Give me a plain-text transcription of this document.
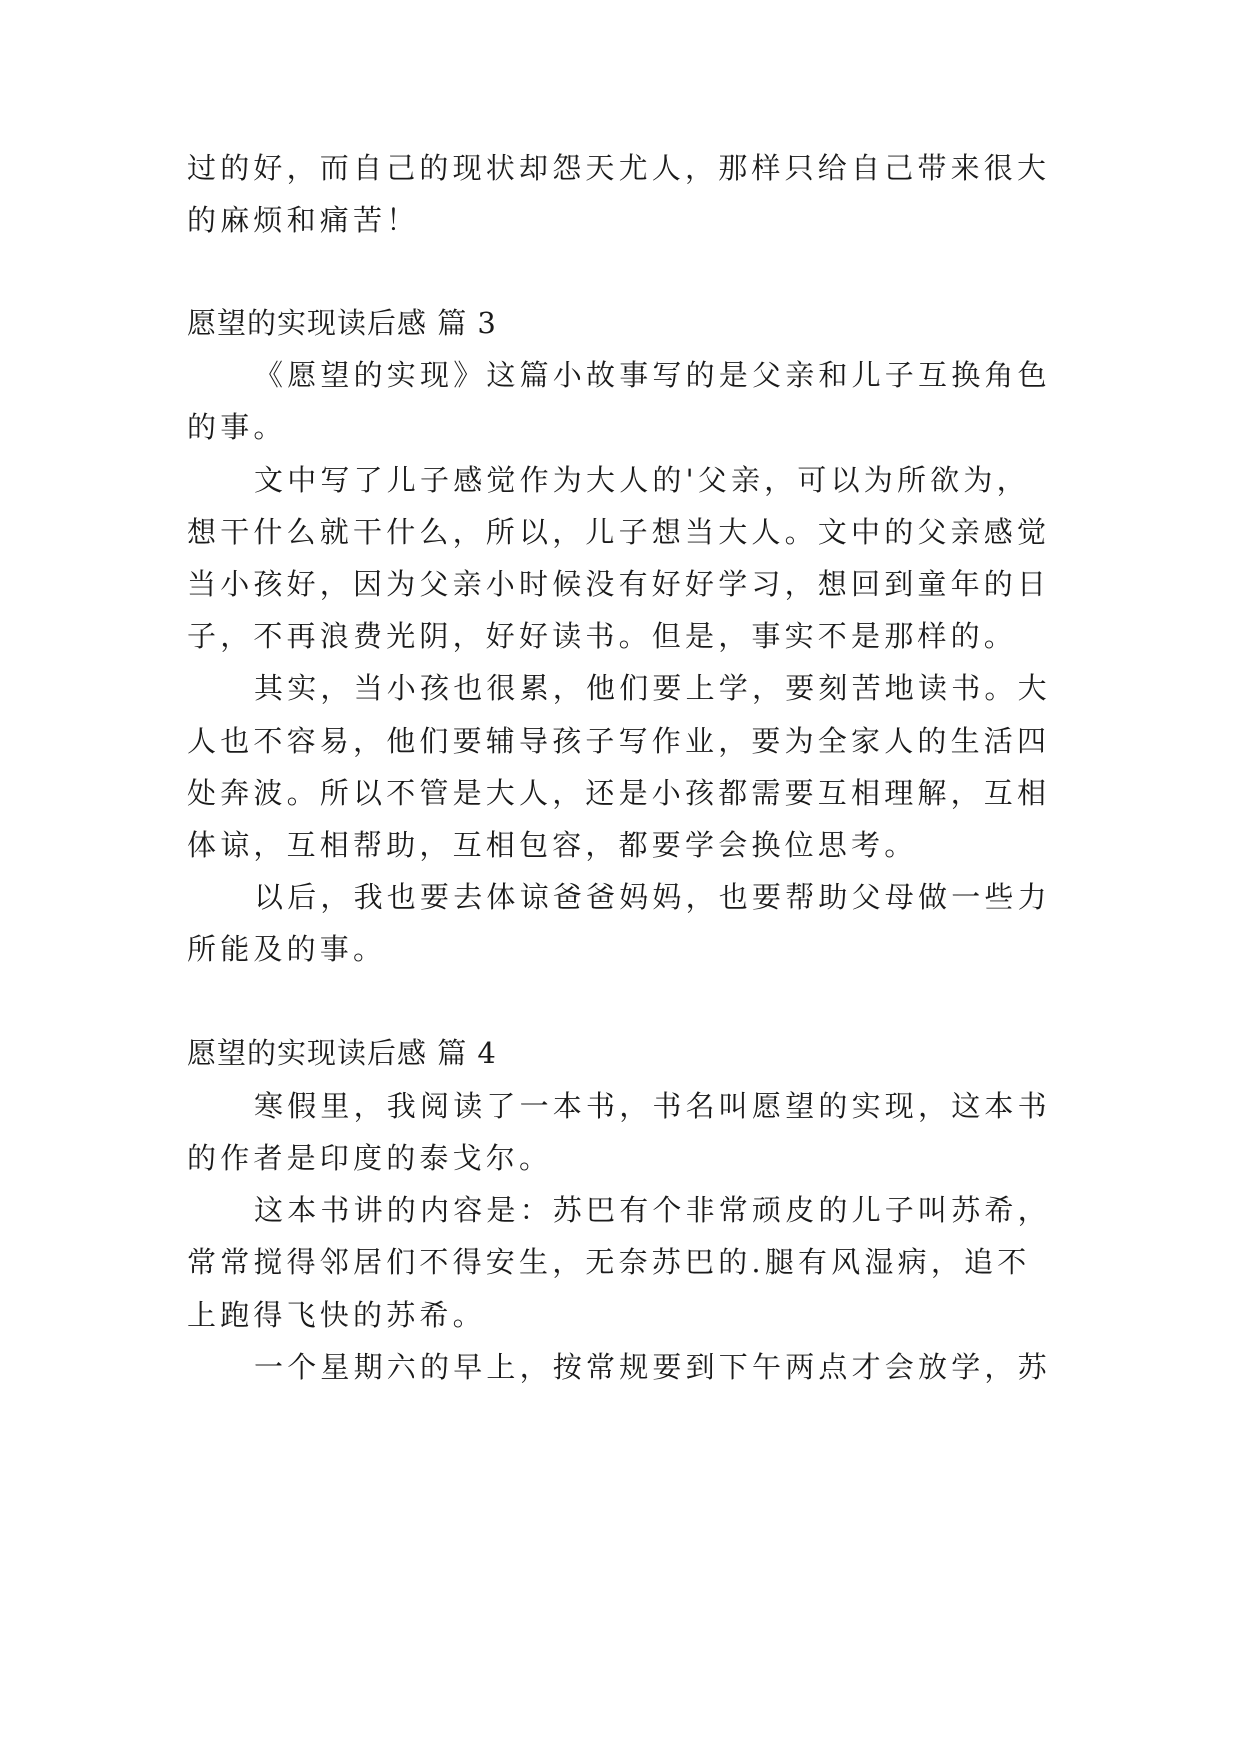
过的好，而自己的现状却怨天尤人，那样只给自己带来很大
的麻烦和痛苦！
愿望的实现读后感 篇 3
《愿望的实现》这篇小故事写的是父亲和儿子互换角色
的事。
文中写了儿子感觉作为大人的'父亲，可以为所欲为，
想干什么就干什么，所以，儿子想当大人。文中的父亲感觉
当小孩好，因为父亲小时候没有好好学习，想回到童年的日
子，不再浪费光阴，好好读书。但是，事实不是那样的。
其实，当小孩也很累，他们要上学，要刻苦地读书。大
人也不容易，他们要辅导孩子写作业，要为全家人的生活四
处奔波。所以不管是大人，还是小孩都需要互相理解，互相
体谅，互相帮助，互相包容，都要学会换位思考。
以后，我也要去体谅爸爸妈妈，也要帮助父母做一些力
所能及的事。
愿望的实现读后感 篇 4
寒假里，我阅读了一本书，书名叫愿望的实现，这本书
的作者是印度的泰戈尔。
这本书讲的内容是：苏巴有个非常顽皮的儿子叫苏希，
常常搅得邻居们不得安生，无奈苏巴的.腿有风湿病，追不
上跑得飞快的苏希。
一个星期六的早上，按常规要到下午两点才会放学，苏
